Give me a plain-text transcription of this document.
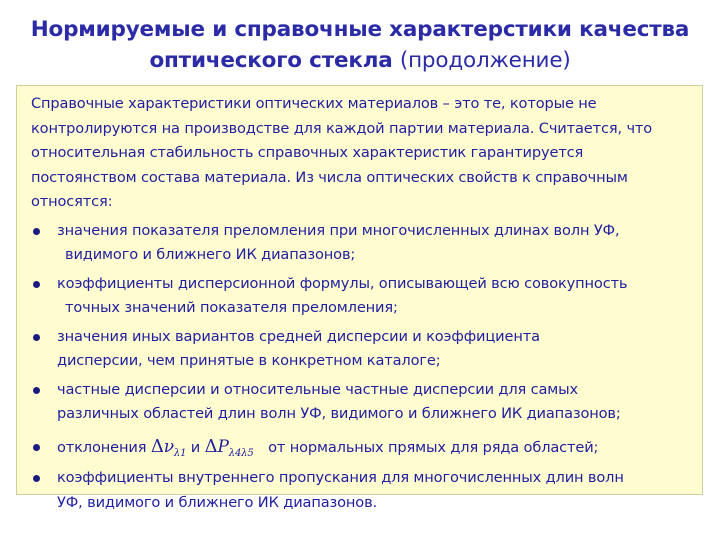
Нормируемые и справочные характерстики качества
оптического стекла (продолжение)

Справочные характеристики оптических материалов – это те, которые не контролируются на производстве для каждой партии материала. Считается, что относительная стабильность справочных характеристик гарантируется постоянством состава материала. Из числа оптических свойств к справочным относятся:

значения показателя преломления при многочисленных длинах волн УФ,
видимого и ближнего ИК диапазонов;
коэффициенты дисперсионной формулы, описывающей всю совокупность
точных значений показателя преломления;
значения иных вариантов средней дисперсии и коэффициента
дисперсии, чем принятые в конкретном каталоге;
частные дисперсии и относительные частные дисперсии для самых
различных областей длин волн УФ, видимого и ближнего ИК диапазонов;
отклонения $\Delta\nu_{\lambda 1}$ и $\Delta P_{\lambda 4\lambda 5}$ от нормальных прямых для ряда областей;
коэффициенты внутреннего пропускания для многочисленных длин волн
УФ, видимого и ближнего ИК диапазонов.
